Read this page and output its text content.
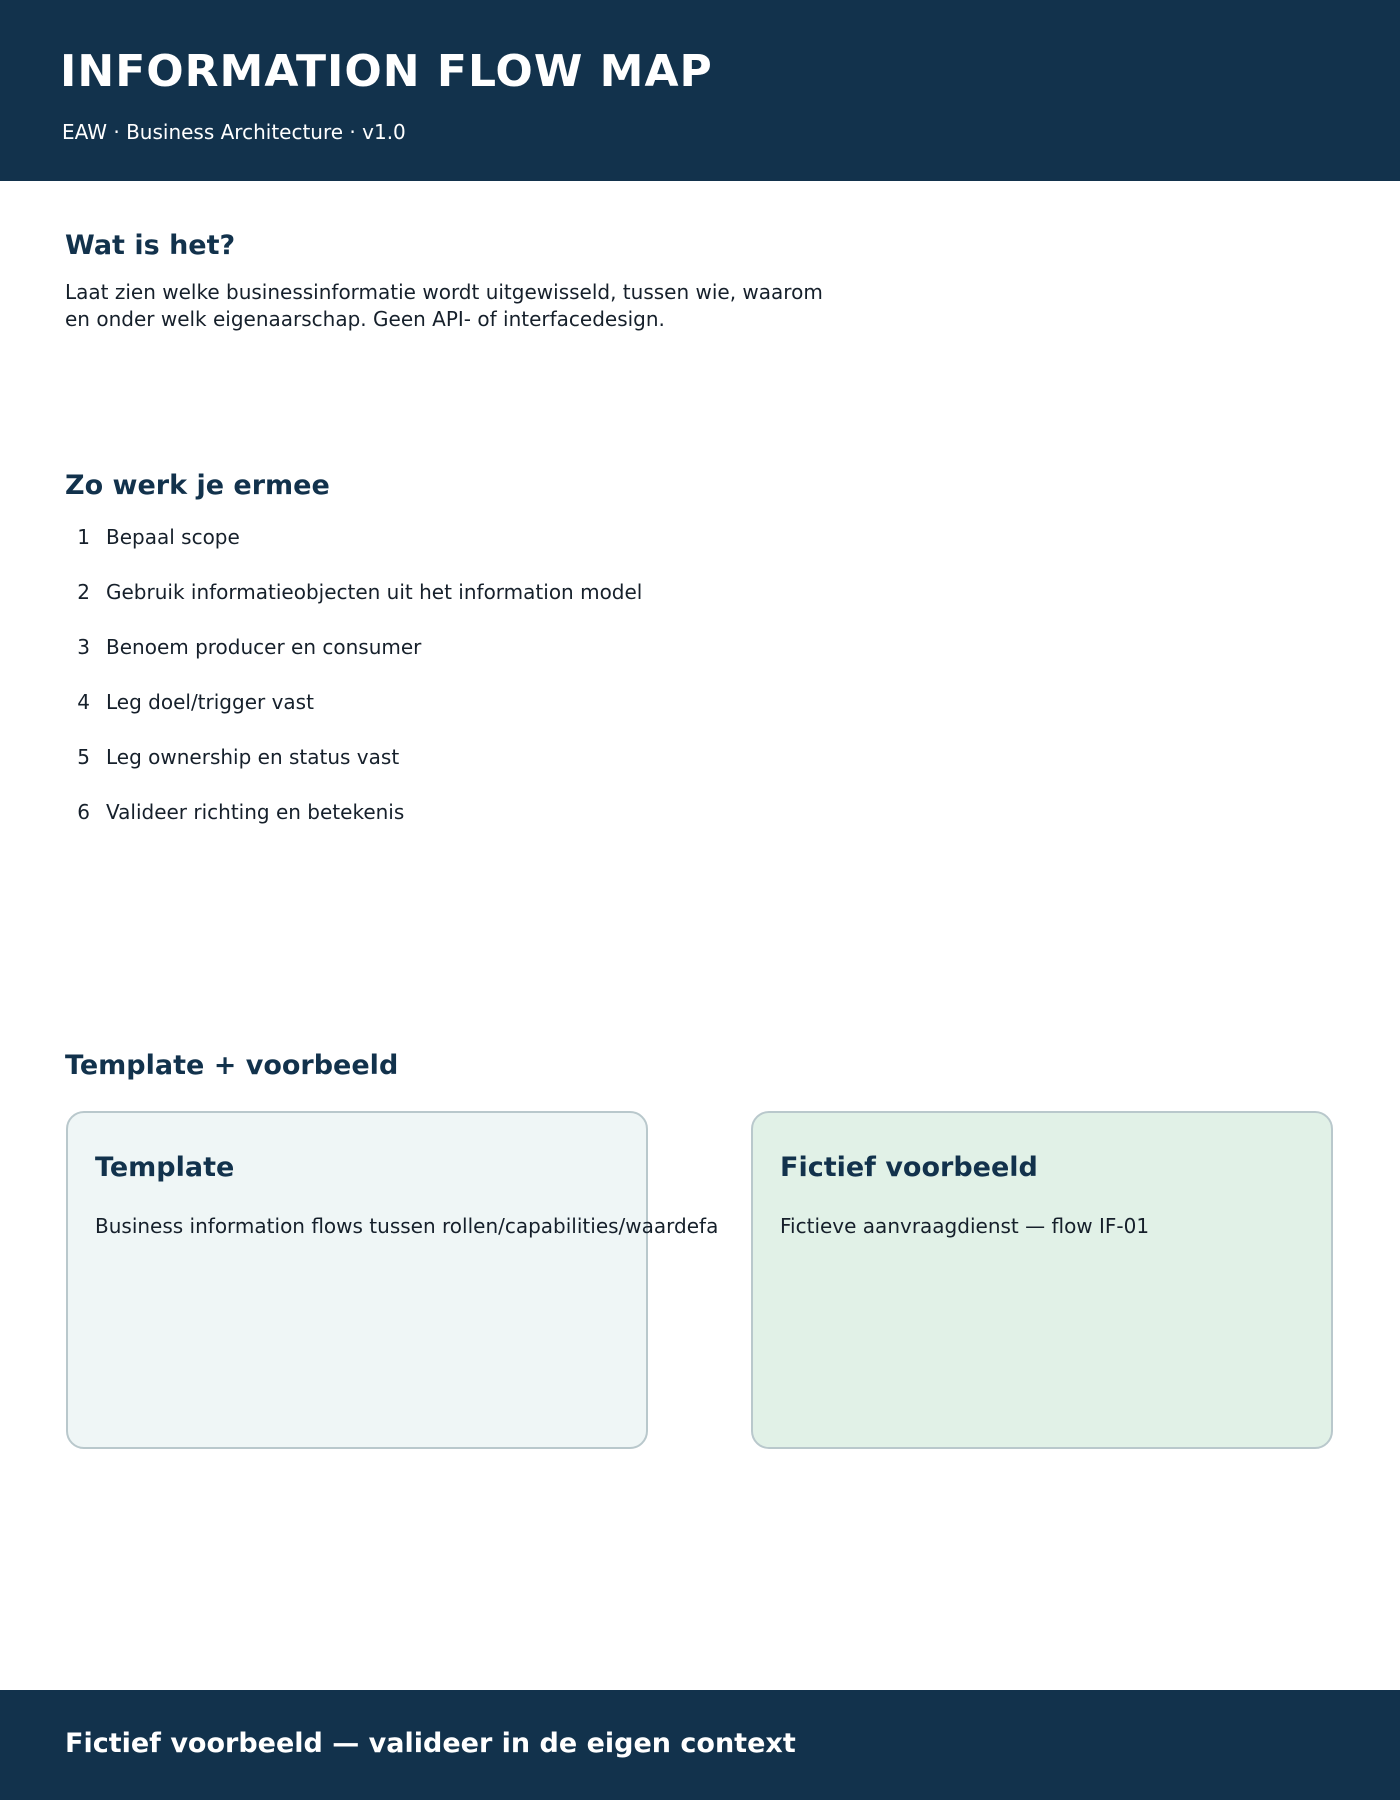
INFORMATION FLOW MAP
EAW · Business Architecture · v1.0
Wat is het?

Laat zien welke businessinformatie wordt uitgewisseld, tussen wie, waarom en onder welk eigenaarschap. Geen API- of interfacedesign.

Zo werk je ermee
1 Bepaal scope
2 Gebruik informatieobjecten uit het information model
3 Benoem producer en consumer
4 Leg doel/trigger vast
5 Leg ownership en status vast
6 Valideer richting en betekenis
Template + voorbeeld
Template
Business information flows tussen rollen/capabilities/waardefa
Fictief voorbeeld
Fictieve aanvraagdienst — flow IF-01
Fictief voorbeeld — valideer in de eigen context
